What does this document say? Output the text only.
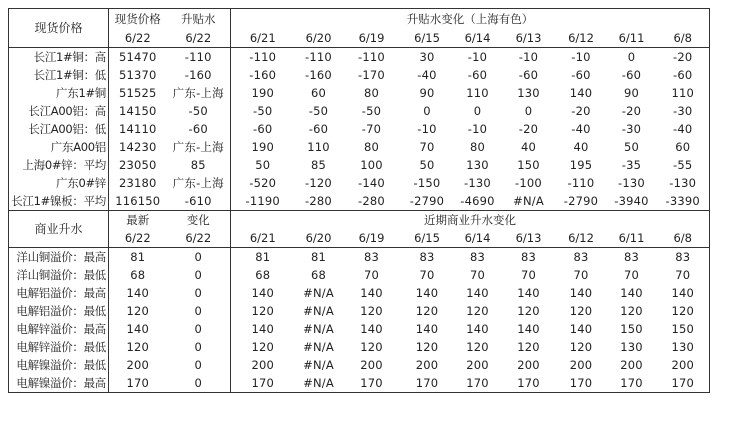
现货价格	现货价格	升贴水	升贴水变化（上海有色）								
	6/22	6/22	6/21	6/20	6/19	6/15	6/14	6/13	6/12	6/11	6/8
长江1#铜：高	51470	-110	-110	-110	-110	30	-10	-10	-10	0	-20
长江1#铜：低	51370	-160	-160	-160	-170	-40	-60	-60	-60	-60	-60
广东1#铜	51525	广东-上海	190	60	80	90	110	130	140	90	110
长江A00铝：高	14150	-50	-50	-50	-50	0	0	0	-20	-20	-30
长江A00铝：低	14110	-60	-60	-60	-70	-10	-10	-20	-40	-30	-40
广东A00铝	14230	广东-上海	190	110	80	70	80	40	40	50	60
上海0#锌：平均	23050	85	50	85	100	50	130	150	195	-35	-55
广东0#锌	23180	广东-上海	-520	-120	-140	-150	-130	-100	-110	-130	-130
长江1#镍板：平均	116150	-610	-1190	-280	-280	-2790	-4690	#N/A	-2790	-3940	-3390
商业升水	最新	变化	近期商业升水变化								
	6/22	6/22	6/21	6/20	6/19	6/15	6/14	6/13	6/12	6/11	6/8
洋山铜溢价：最高	81	0	81	81	83	83	83	83	83	83	83
洋山铜溢价：最低	68	0	68	68	70	70	70	70	70	70	70
电解铝溢价：最高	140	0	140	#N/A	140	140	140	140	140	140	140
电解铝溢价：最低	120	0	120	#N/A	120	120	120	120	120	120	120
电解锌溢价：最高	140	0	140	#N/A	140	140	140	140	140	150	150
电解锌溢价：最低	120	0	120	#N/A	120	120	120	120	120	130	130
电解镍溢价：最低	200	0	200	#N/A	200	200	200	200	200	200	200
电解镍溢价：最高	170	0	170	#N/A	170	170	170	170	170	170	170
